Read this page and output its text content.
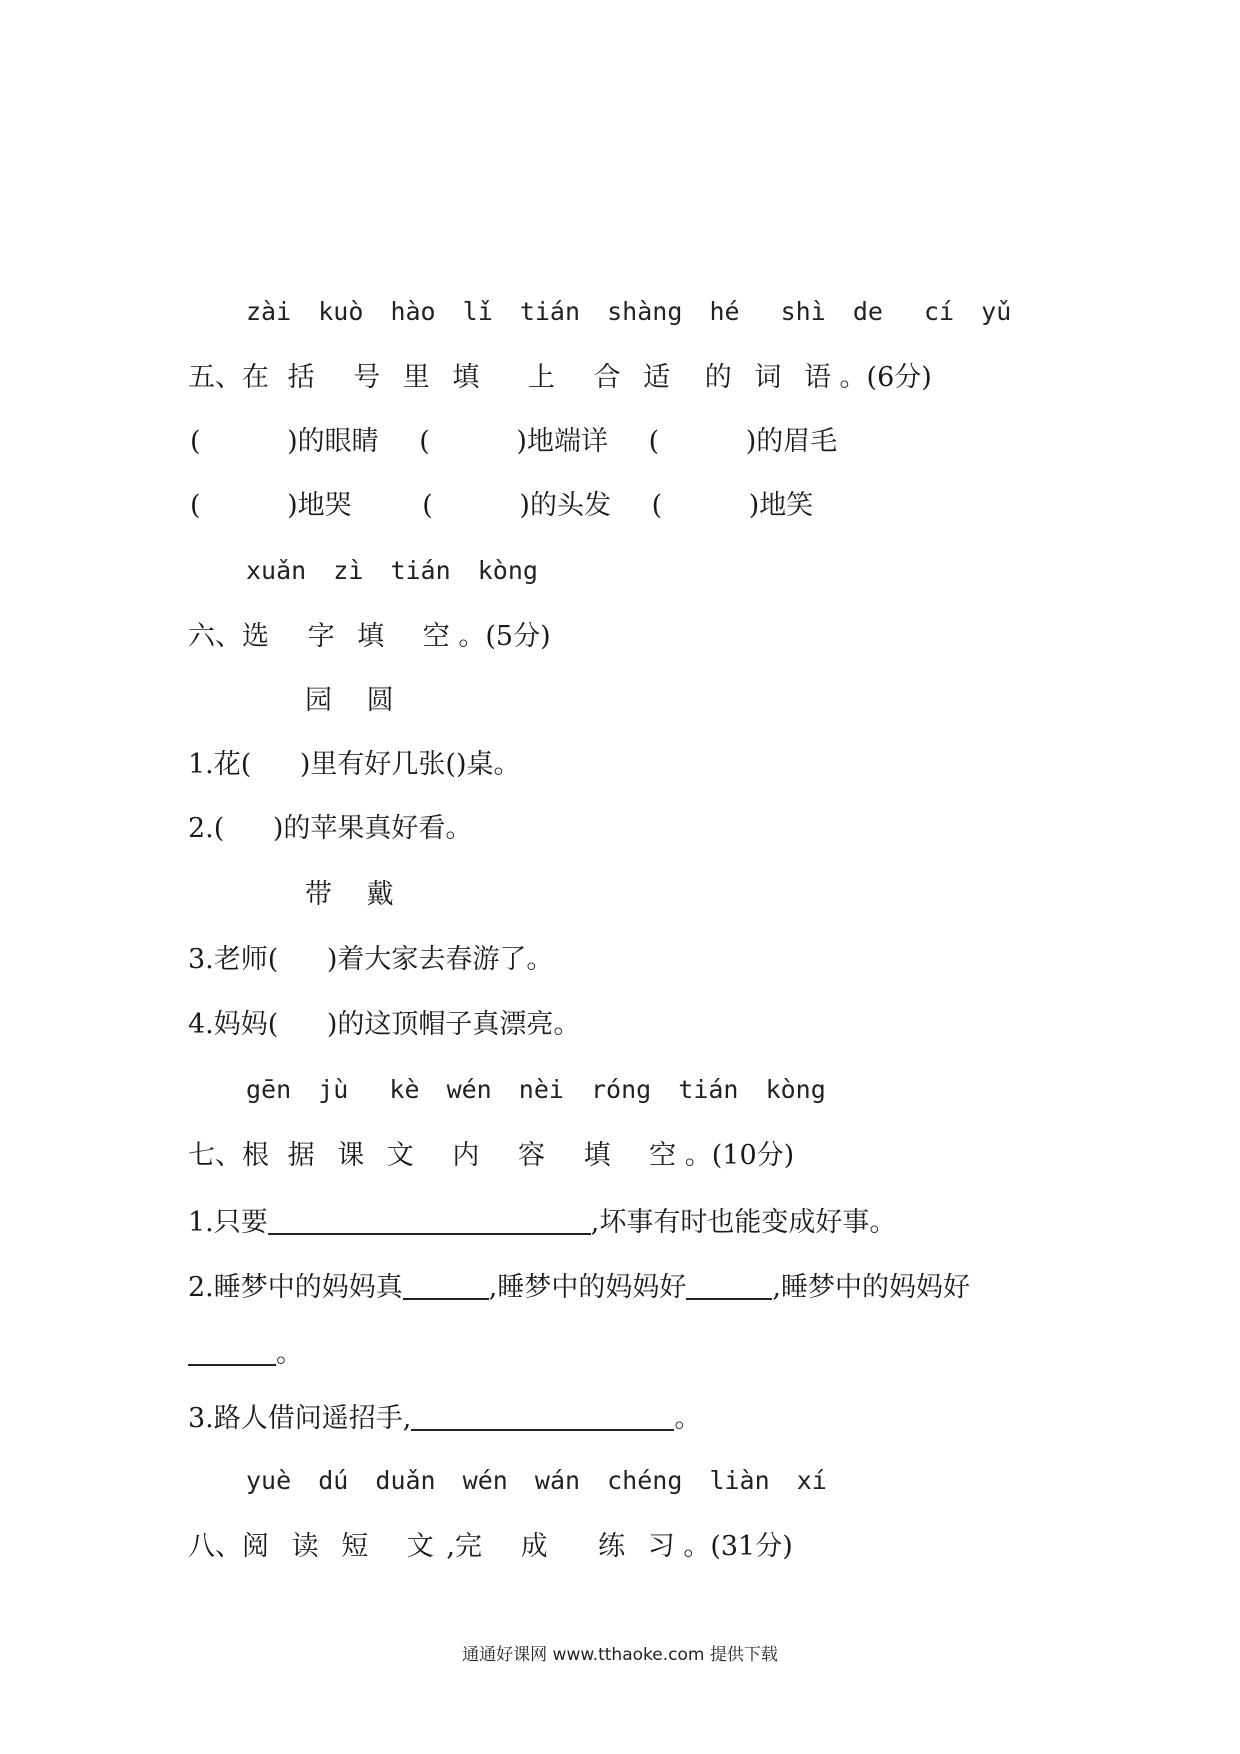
zài kuò hào lǐ tián shàng hé shì de cí yǔ
五、在 括 号 里 填 上 合 适 的 词 语 。(6分)
(	)的眼睛 (	)地端详 (	)的眉毛
(	)地哭	(	)的头发 (	)地笑
xuǎn zì tián kòng
六、选 字 填 空 。(5分)
园 圆
1.花( )里有好几张()桌。
2.( )的苹果真好看。
带 戴
3.老师( )着大家去春游了。
4.妈妈( )的这顶帽子真漂亮。
gēn jù kè wén nèi róng tián kòng
七、根 据 课 文 内 容 填 空 。(10分)
1.只要	,坏事有时也能变成好事。
2.睡梦中的妈妈真	,睡梦中的妈妈好	,睡梦中的妈妈好
。
3.路人借问遥招手,	。
yuè dú duǎn wén wán chéng liàn xí
八、阅 读 短 文 ,完 成 练 习 。(31分)
通通好课网 www.tthaoke.com 提供下载
